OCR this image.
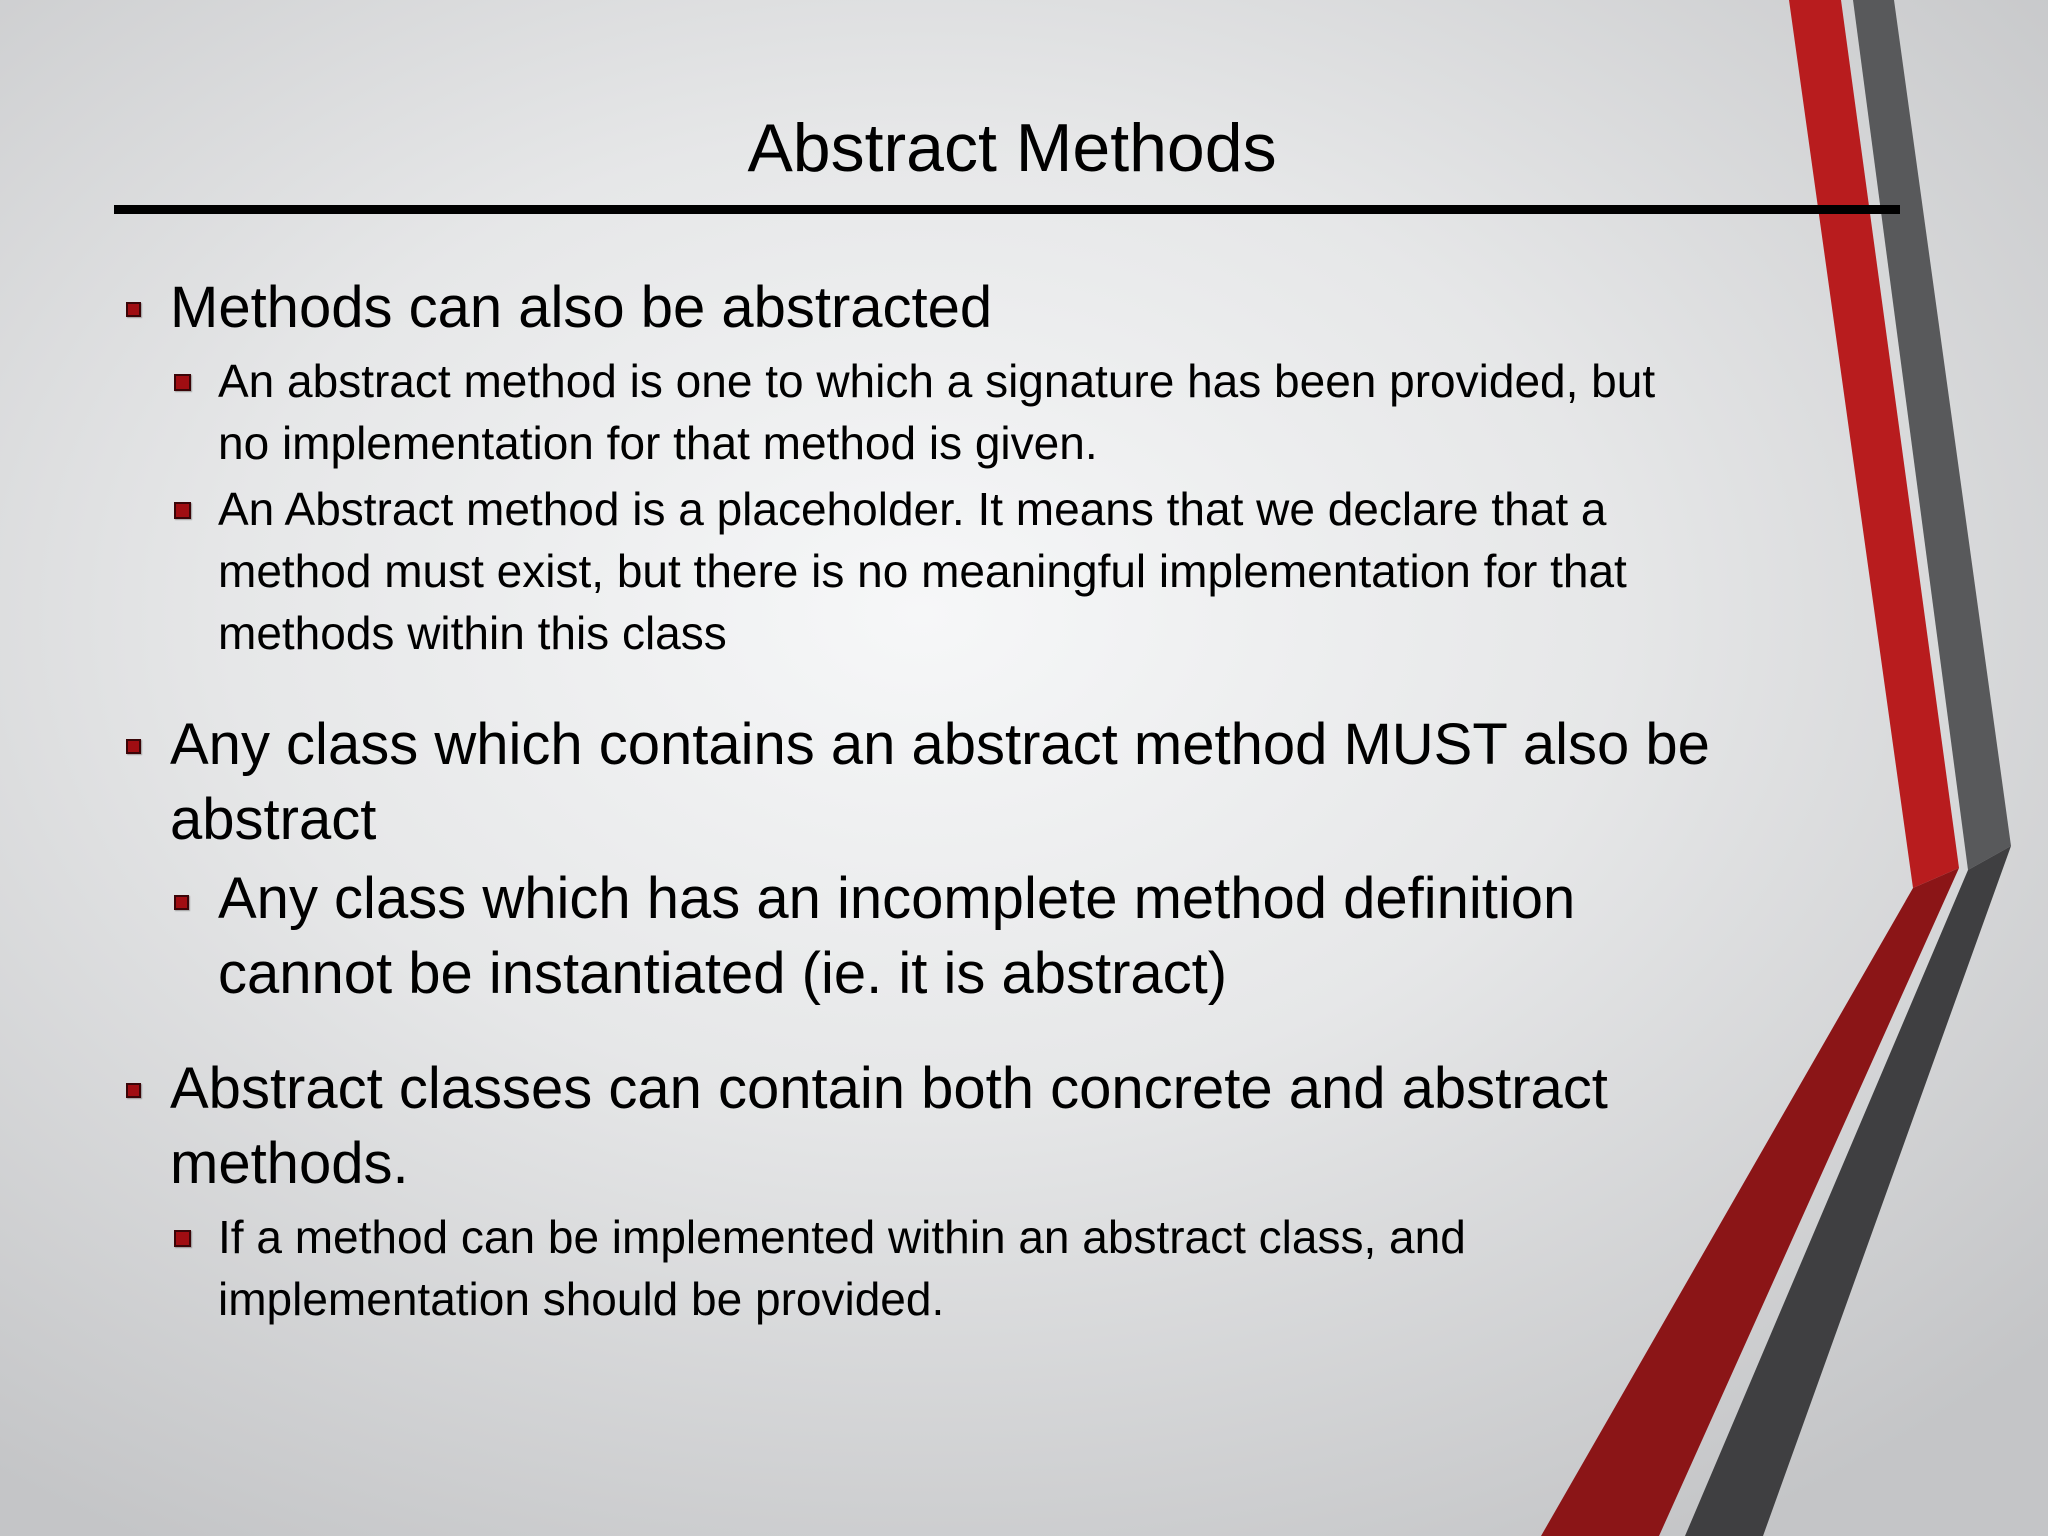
Abstract Methods
Methods can also be abstracted
An abstract method is one to which a signature has been provided, but
no implementation for that method is given.
An Abstract method is a placeholder. It means that we declare that a
method must exist, but there is no meaningful implementation for that
methods within this class
Any class which contains an abstract method MUST also be
abstract
Any class which has an incomplete method definition
cannot be instantiated (ie. it is abstract)
Abstract classes can contain both concrete and abstract
methods.
If a method can be implemented within an abstract class, and
implementation should be provided.
